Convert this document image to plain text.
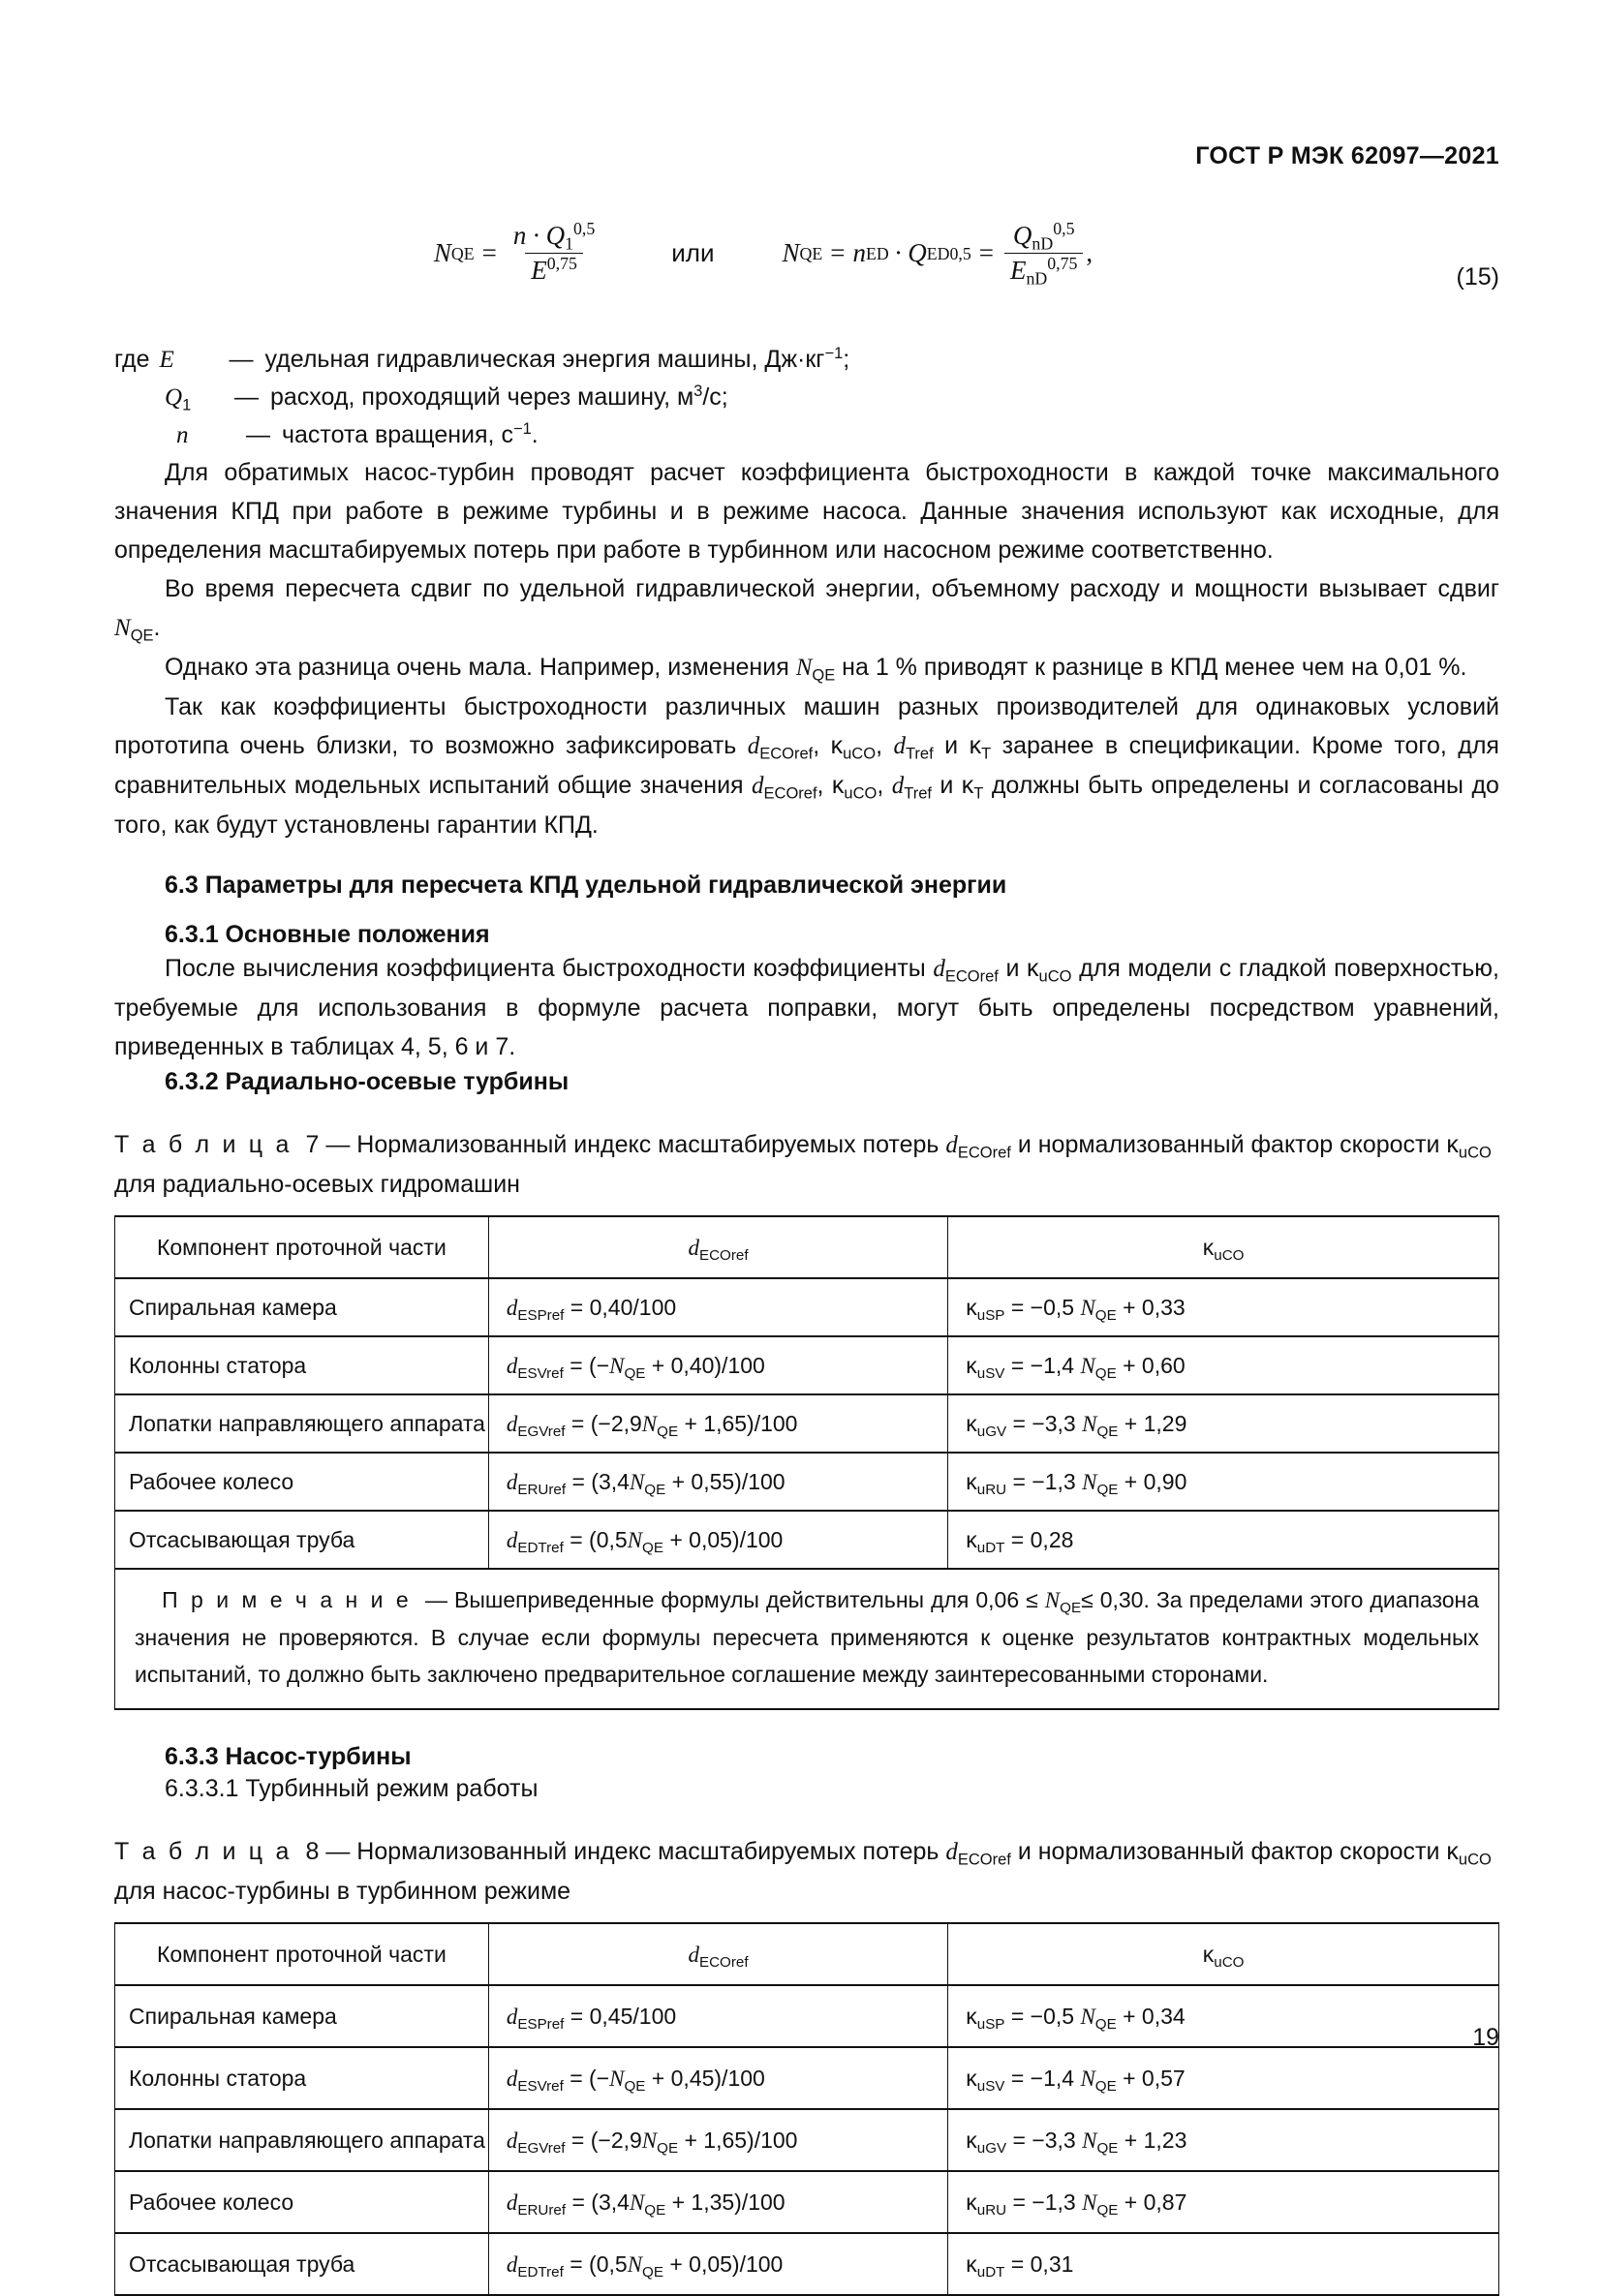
ГОСТ Р МЭК 62097—2021
N QE = $\frac{n \cdot Q_1^{0,5}}{E^{0,75}}$	или	N QE = n ED · Q ED $0,5 = \frac{Q_{nD}^{0,5}}{E_{nD}^{0,75}}$ ,
(15)
где E	— удельная гидравлическая энергия машины, $Дж\cdot кг^{-1}$;
$Q_1$	— расход, проходящий через машину, $м^3/с$;
n	— частота вращения, $с^{-1}$.

Для обратимых насос-турбин проводят расчет коэффициента быстроходности в каждой точке максимального значения КПД при работе в режиме турбины и в режиме насоса. Данные значения используют как исходные, для определения масштабируемых потерь при работе в турбинном или насосном режиме соответственно.

Во время пересчета сдвиг по удельной гидравлической энергии, объемному расходу и мощности вызывает сдвиг $N_{QE}$.

Однако эта разница очень мала. Например, изменения $N_{QE}$ на 1 % приводят к разнице в КПД менее чем на 0,01 %.

Так как коэффициенты быстроходности различных машин разных производителей для одинаковых условий прототипа очень близки, то возможно зафиксировать $d_{ECOref}$, $\kappa_{uCO}$, $d_{Tref}$ и $\kappa_T$ заранее в спецификации. Кроме того, для сравнительных модельных испытаний общие значения $d_{ECOref}$, $\kappa_{uCO}$, $d_{Tref}$ и $\kappa_T$ должны быть определены и согласованы до того, как будут установлены гарантии КПД.

6.3 Параметры для пересчета КПД удельной гидравлической энергии
6.3.1 Основные положения

После вычисления коэффициента быстроходности коэффициенты $d_{ECOref}$ и $\kappa_{uCO}$ для модели с гладкой поверхностью, требуемые для использования в формуле расчета поправки, могут быть определены посредством уравнений, приведенных в таблицах 4, 5, 6 и 7.

6.3.2 Радиально-осевые турбины
Т а б л и ц а 7 — Нормализованный индекс масштабируемых потерь $d_{ECOref}$ и нормализованный фактор скорости $\kappa_{uCO}$ для радиально-осевых гидромашин
Компонент проточной части	$d_{ECOref}$	$\kappa_{uCO}$
Спиральная камера	$d_{ESPref} = 0,40/100$	$\kappa_{uSP} = -0,5$ $N_{QE} + 0,33$
Колонны статора	$d_{ESVref} = (-N_{QE} + 0,40)/100$	$\kappa_{uSV} = -1,4$ $N_{QE} + 0,60$
Лопатки направляющего аппарата	$d_{EGVref} = (-2,9N_{QE} + 1,65)/100$	$\kappa_{uGV} = -3,3$ $N_{QE} + 1,29$
Рабочее колесо	$d_{ERUref} = (3,4N_{QE} + 0,55)/100$	$\kappa_{uRU} = -1,3$ $N_{QE} + 0,90$
Отсасывающая труба	$d_{EDTref} = (0,5N_{QE} + 0,05)/100$	$\kappa_{uDT} = 0,28$
П р и м е ч а н и е — Вышеприведенные формулы действительны для $0,06 \le N_{QE}\le 0,30$. За пределами этого диапазона значения не проверяются. В случае если формулы пересчета применяются к оценке результатов контрактных модельных испытаний, то должно быть заключено предварительное соглашение между заинтересованными сторонами.		
6.3.3 Насос-турбины
6.3.3.1 Турбинный режим работы
Т а б л и ц а 8 — Нормализованный индекс масштабируемых потерь $d_{ECOref}$ и нормализованный фактор скорости $\kappa_{uCO}$ для насос-турбины в турбинном режиме
Компонент проточной части	$d_{ECOref}$	$\kappa_{uCO}$
Спиральная камера	$d_{ESPref} = 0,45/100$	$\kappa_{uSP} = -0,5$ $N_{QE} + 0,34$
Колонны статора	$d_{ESVref} = (-N_{QE} + 0,45)/100$	$\kappa_{uSV} = -1,4$ $N_{QE} + 0,57$
Лопатки направляющего аппарата	$d_{EGVref} = (-2,9N_{QE} + 1,65)/100$	$\kappa_{uGV} = -3,3$ $N_{QE} + 1,23$
Рабочее колесо	$d_{ERUref} = (3,4N_{QE} + 1,35)/100$	$\kappa_{uRU} = -1,3$ $N_{QE} + 0,87$
Отсасывающая труба	$d_{EDTref} = (0,5N_{QE} + 0,05)/100$	$\kappa_{uDT} = 0,31$
19
